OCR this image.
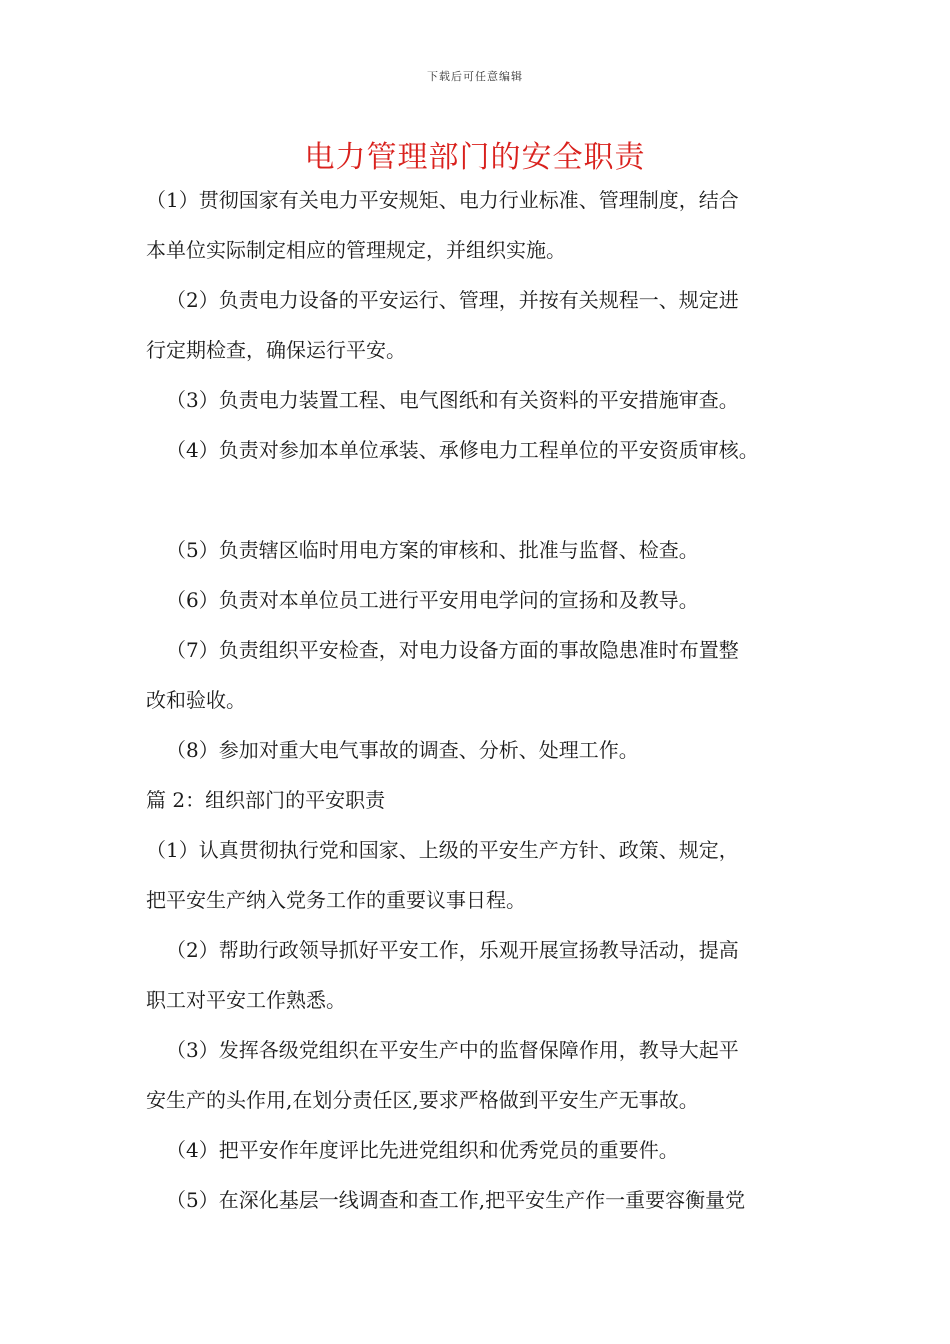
下载后可任意编辑
电力管理部门的安全职责
（1）贯彻国家有关电力平安规矩、电力行业标准、管理制度，结合
本单位实际制定相应的管理规定，并组织实施。
（2）负责电力设备的平安运行、管理，并按有关规程一、规定进
行定期检查，确保运行平安。
（3）负责电力装置工程、电气图纸和有关资料的平安措施审查。
（4）负责对参加本单位承装、承修电力工程单位的平安资质审核。
（5）负责辖区临时用电方案的审核和、批准与监督、检查。
（6）负责对本单位员工进行平安用电学问的宣扬和及教导。
（7）负责组织平安检查，对电力设备方面的事故隐患准时布置整
改和验收。
（8）参加对重大电气事故的调查、分析、处理工作。
篇 2：组织部门的平安职责
（1）认真贯彻执行党和国家、上级的平安生产方针、政策、规定，
把平安生产纳入党务工作的重要议事日程。
（2）帮助行政领导抓好平安工作，乐观开展宣扬教导活动，提高
职工对平安工作熟悉。
（3）发挥各级党组织在平安生产中的监督保障作用，教导大起平
安生产的头作用,在划分责任区,要求严格做到平安生产无事故。
（4）把平安作年度评比先进党组织和优秀党员的重要件。
（5）在深化基层一线调查和查工作,把平安生产作一重要容衡量党
